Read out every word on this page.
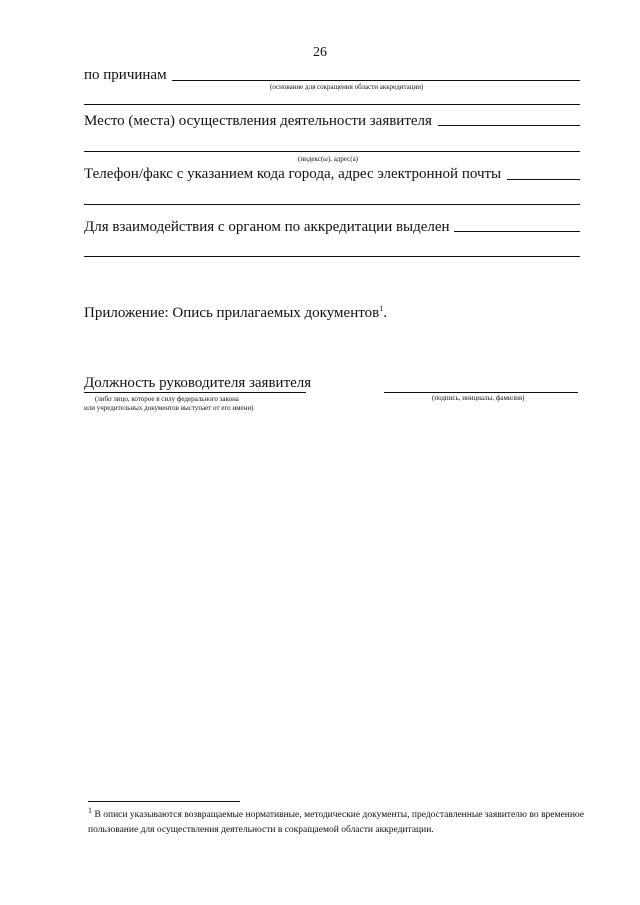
26
по причинам
(основание для сокращения области аккредитации)
Место (места) осуществления деятельности заявителя
(индекс(ы), адрес(а)
Телефон/факс с указанием кода города, адрес электронной почты
Для взаимодействия с органом по аккредитации выделен
Приложение: Опись прилагаемых документов$^1$.
Должность руководителя заявителя
(либо лицо, которое в силу федерального закона
или учредительных документов выступает от его имени)
(подпись, инициалы, фамилия)
$^1$ В описи указываются возвращаемые нормативные, методические документы, предоставленные заявителю во временное пользование для осуществления деятельности в сокращаемой области аккредитации.
